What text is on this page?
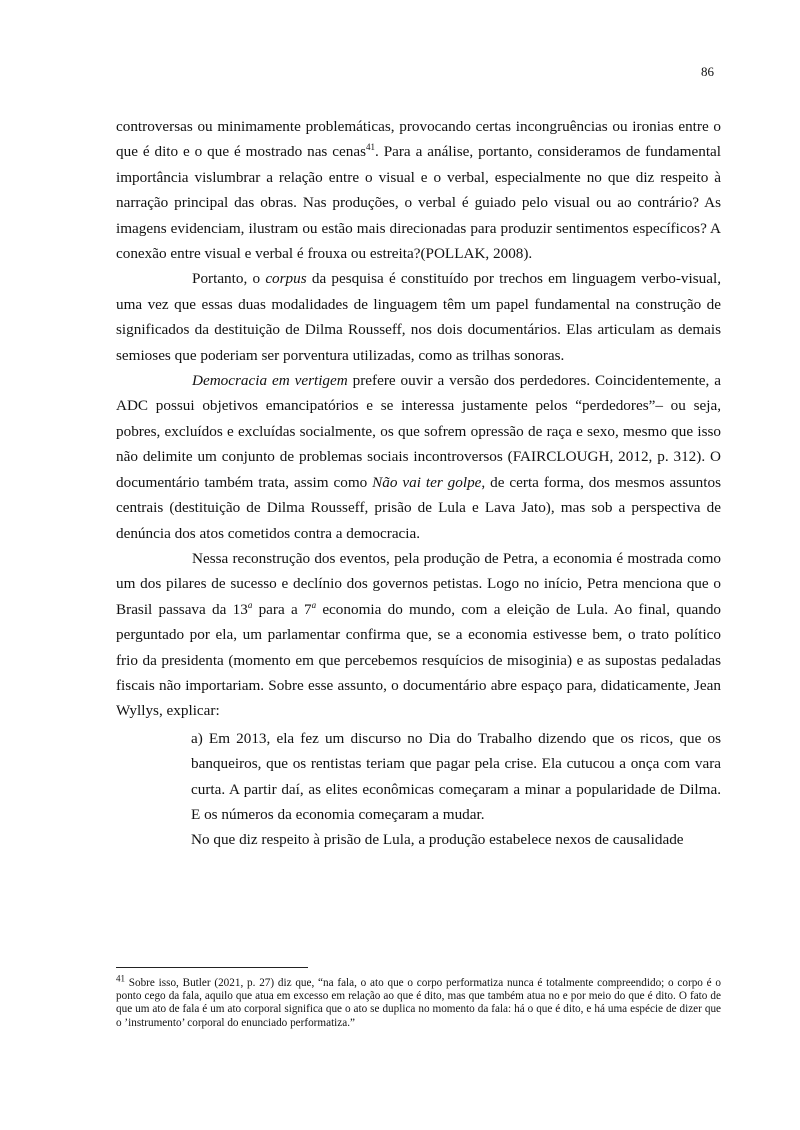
86

controversas ou minimamente problemáticas, provocando certas incongruências ou ironias entre o que é dito e o que é mostrado nas cenas$^{41}$. Para a análise, portanto, consideramos de fundamental importância vislumbrar a relação entre o visual e o verbal, especialmente no que diz respeito à narração principal das obras. Nas produções, o verbal é guiado pelo visual ou ao contrário? As imagens evidenciam, ilustram ou estão mais direcionadas para produzir sentimentos específicos? A conexão entre visual e verbal é frouxa ou estreita?(POLLAK, 2008).

Portanto, o corpus da pesquisa é constituído por trechos em linguagem verbo-visual, uma vez que essas duas modalidades de linguagem têm um papel fundamental na construção de significados da destituição de Dilma Rousseff, nos dois documentários. Elas articulam as demais semioses que poderiam ser porventura utilizadas, como as trilhas sonoras.

Democracia em vertigem prefere ouvir a versão dos perdedores. Coincidentemente, a ADC possui objetivos emancipatórios e se interessa justamente pelos “perdedores”– ou seja, pobres, excluídos e excluídas socialmente, os que sofrem opressão de raça e sexo, mesmo que isso não delimite um conjunto de problemas sociais incontroversos (FAIRCLOUGH, 2012, p. 312). O documentário também trata, assim como Não vai ter golpe, de certa forma, dos mesmos assuntos centrais (destituição de Dilma Rousseff, prisão de Lula e Lava Jato), mas sob a perspectiva de denúncia dos atos cometidos contra a democracia.

Nessa reconstrução dos eventos, pela produção de Petra, a economia é mostrada como um dos pilares de sucesso e declínio dos governos petistas. Logo no início, Petra menciona que o Brasil passava da 13$^a$ para a 7$^a$ economia do mundo, com a eleição de Lula. Ao final, quando perguntado por ela, um parlamentar confirma que, se a economia estivesse bem, o trato político frio da presidenta (momento em que percebemos resquícios de misoginia) e as supostas pedaladas fiscais não importariam. Sobre esse assunto, o documentário abre espaço para, didaticamente, Jean Wyllys, explicar:

a) Em 2013, ela fez um discurso no Dia do Trabalho dizendo que os ricos, que os banqueiros, que os rentistas teriam que pagar pela crise. Ela cutucou a onça com vara curta. A partir daí, as elites econômicas começaram a minar a popularidade de Dilma. E os números da economia começaram a mudar.

No que diz respeito à prisão de Lula, a produção estabelece nexos de causalidade

$^{41}$ Sobre isso, Butler (2021, p. 27) diz que, “na fala, o ato que o corpo performatiza nunca é totalmente compreendido; o corpo é o ponto cego da fala, aquilo que atua em excesso em relação ao que é dito, mas que também atua no e por meio do que é dito. O fato de que um ato de fala é um ato corporal significa que o ato se duplica no momento da fala: há o que é dito, e há uma espécie de dizer que o ’instrumento’ corporal do enunciado performatiza.”
